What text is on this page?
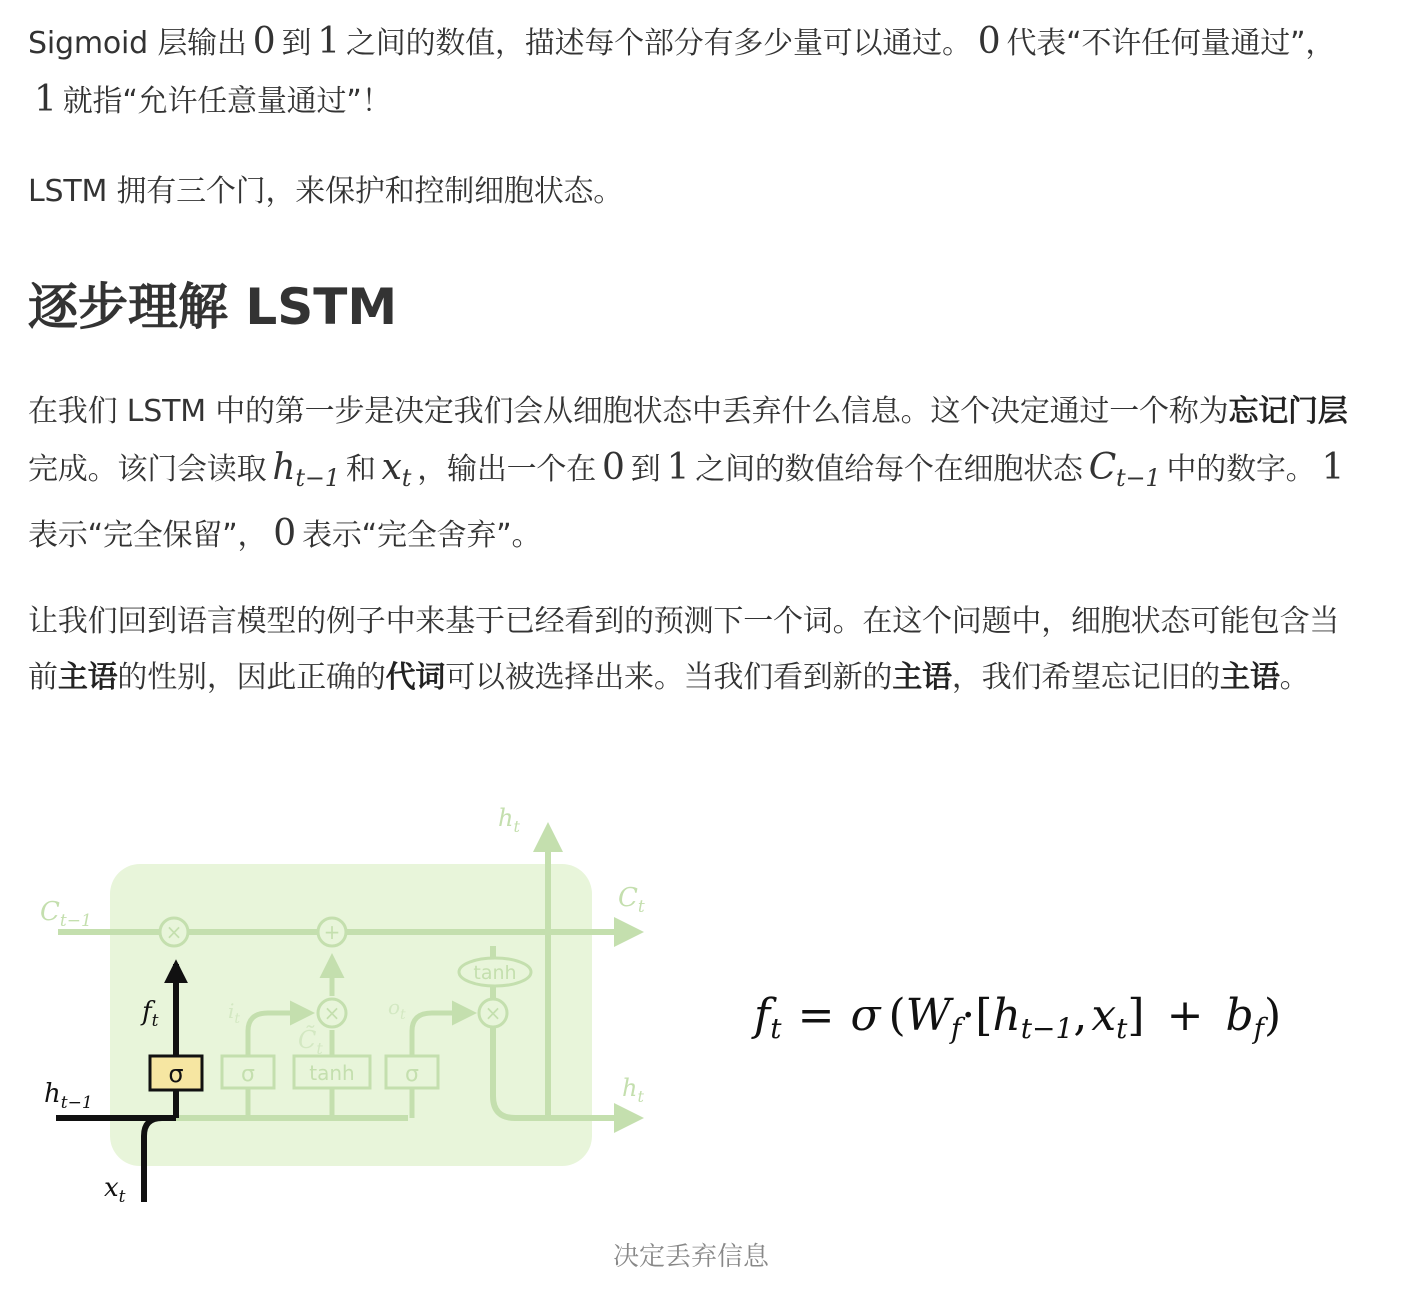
Sigmoid 层输出 0 到 1 之间的数值，描述每个部分有多少量可以通过。 0 代表“不许任何量通过”，1 就指“允许任意量通过”！

LSTM 拥有三个门，来保护和控制细胞状态。

逐步理解 LSTM

在我们 LSTM 中的第一步是决定我们会从细胞状态中丢弃什么信息。这个决定通过一个称为忘记门层完成。该门会读取 $h_{t-1}$ 和 $x_t$ ，输出一个在 0 到 1 之间的数值给每个在细胞状态 $C_{t-1}$ 中的数字。 1表示“完全保留”， 0 表示“完全舍弃”。

让我们回到语言模型的例子中来基于已经看到的预测下一个词。在这个问题中，细胞状态可能包含当前主语的性别，因此正确的代词可以被选择出来。当我们看到新的主语，我们希望忘记旧的主语。

×	+
×	×
tanh
σ	tanh σ
$C_{t-1}$
$C_t$
$h_t$
$h_t$
$i_t$	$o_t$
$C̃_t$
σ
$f_t$
$h_{t-1}$
$x_t$
ft = σ (Wf·[ht−1,xt] + bf)
决定丢弃信息
